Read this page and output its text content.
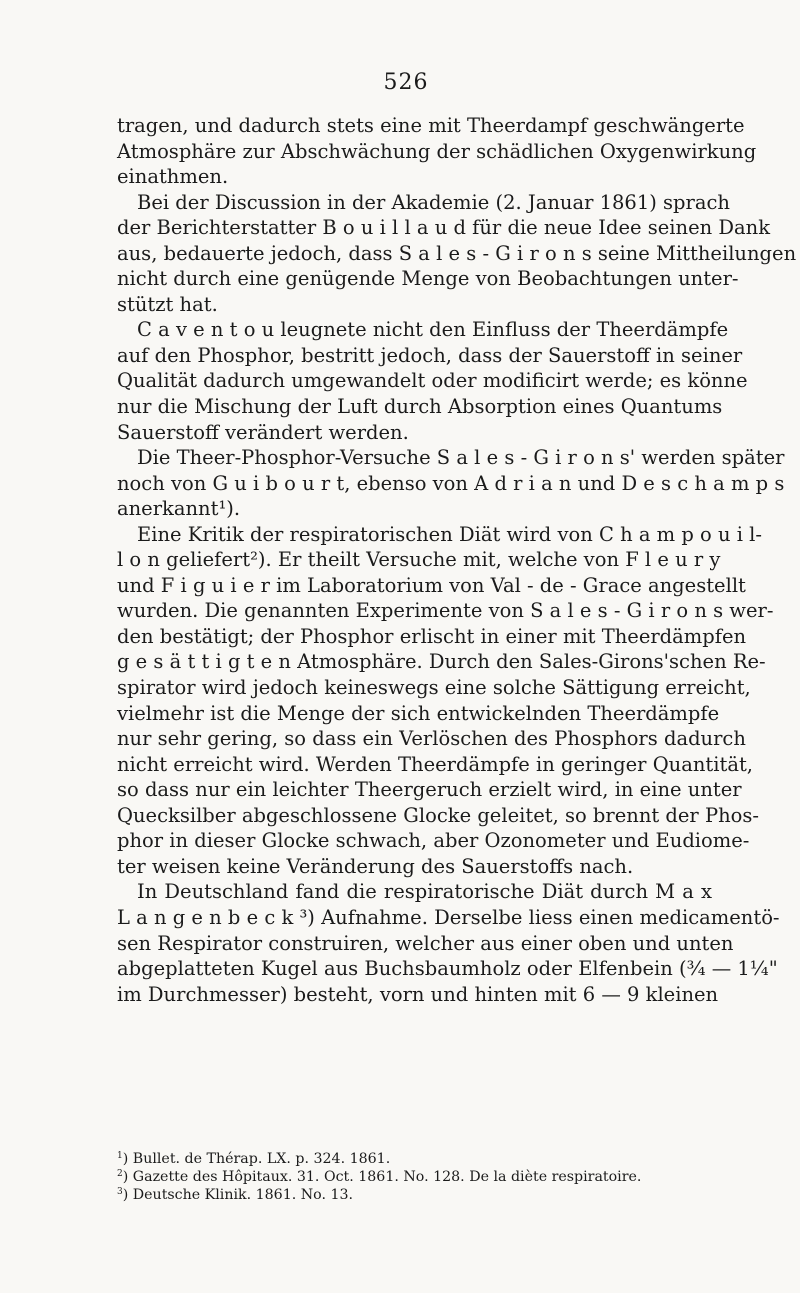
526
tragen, und dadurch stets eine mit Theerdampf geschwängerte
Atmosphäre zur Abschwächung der schädlichen Oxygenwirkung
einathmen.
Bei der Discussion in der Akademie (2. Januar 1861) sprach
der Berichterstatter B o u i l l a u d für die neue Idee seinen Dank
aus, bedauerte jedoch, dass S a l e s - G i r o n s seine Mittheilungen
nicht durch eine genügende Menge von Beobachtungen unter-
stützt hat.
C a v e n t o u leugnete nicht den Einfluss der Theerdämpfe
auf den Phosphor, bestritt jedoch, dass der Sauerstoff in seiner
Qualität dadurch umgewandelt oder modificirt werde; es könne
nur die Mischung der Luft durch Absorption eines Quantums
Sauerstoff verändert werden.
Die Theer-Phosphor-Versuche S a l e s - G i r o n s' werden später
noch von G u i b o u r t, ebenso von A d r i a n und D e s c h a m p s
anerkannt¹).
Eine Kritik der respiratorischen Diät wird von C h a m p o u i l-
l o n geliefert²). Er theilt Versuche mit, welche von F l e u r y
und F i g u i e r im Laboratorium von Val - de - Grace angestellt
wurden. Die genannten Experimente von S a l e s - G i r o n s wer-
den bestätigt; der Phosphor erlischt in einer mit Theerdämpfen
g e s ä t t i g t e n Atmosphäre. Durch den Sales-Girons'schen Re-
spirator wird jedoch keineswegs eine solche Sättigung erreicht,
vielmehr ist die Menge der sich entwickelnden Theerdämpfe
nur sehr gering, so dass ein Verlöschen des Phosphors dadurch
nicht erreicht wird. Werden Theerdämpfe in geringer Quantität,
so dass nur ein leichter Theergeruch erzielt wird, in eine unter
Quecksilber abgeschlossene Glocke geleitet, so brennt der Phos-
phor in dieser Glocke schwach, aber Ozonometer und Eudiome-
ter weisen keine Veränderung des Sauerstoffs nach.
In Deutschland fand die respiratorische Diät durch M a x
L a n g e n b e c k ³) Aufnahme. Derselbe liess einen medicamentö-
sen Respirator construiren, welcher aus einer oben und unten
abgeplatteten Kugel aus Buchsbaumholz oder Elfenbein (¾ — 1¼"
im Durchmesser) besteht, vorn und hinten mit 6 — 9 kleinen
$^1$) Bullet. de Thérap. LX. p. 324. 1861.
$^2$) Gazette des Hôpitaux. 31. Oct. 1861. No. 128. De la diète respiratoire.
$^3$) Deutsche Klinik. 1861. No. 13.
